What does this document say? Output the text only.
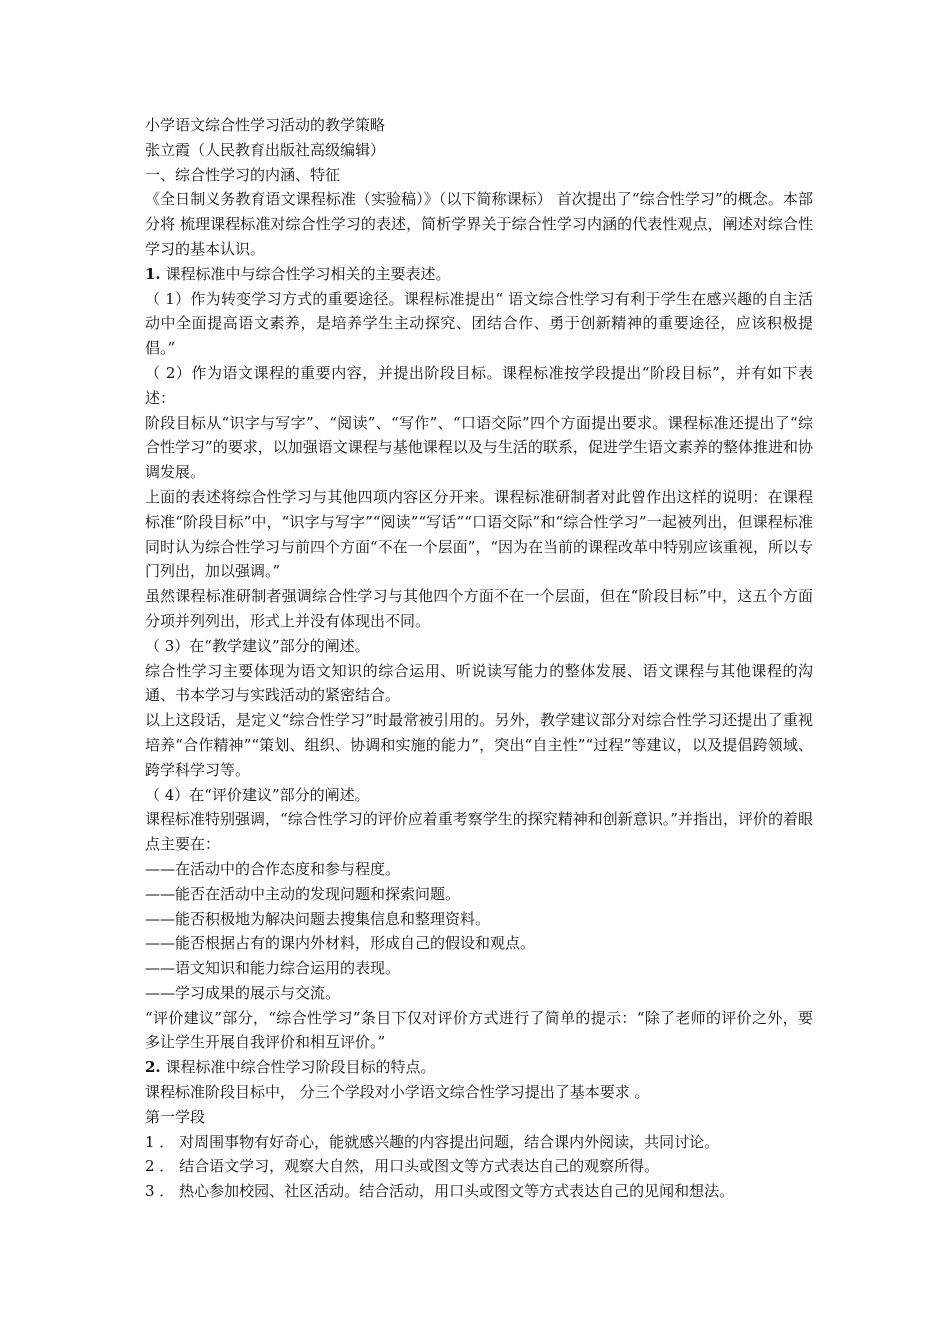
小学语文综合性学习活动的教学策略

张立霞（人民教育出版社高级编辑）

一、综合性学习的内涵、特征

《全日制义务教育语文课程标准（实验稿）》（以下简称课标） 首次提出了“综合性学习”的概念。本部分将 梳理课程标准对综合性学习的表述，简析学界关于综合性学习内涵的代表性观点，阐述对综合性学习的基本认识。

1. 课程标准中与综合性学习相关的主要表述。

（ 1）作为转变学习方式的重要途径。课程标准提出“ 语文综合性学习有利于学生在感兴趣的自主活动中全面提高语文素养，是培养学生主动探究、团结合作、勇于创新精神的重要途径，应该积极提倡。”

（ 2）作为语文课程的重要内容，并提出阶段目标。课程标准按学段提出“阶段目标”，并有如下表述：

阶段目标从“识字与写字”、“阅读”、“写作”、“口语交际”四个方面提出要求。课程标准还提出了“综合性学习”的要求，以加强语文课程与基他课程以及与生活的联系，促进学生语文素养的整体推进和协调发展。

上面的表述将综合性学习与其他四项内容区分开来。课程标准研制者对此曾作出这样的说明：在课程标准“阶段目标”中，“识字与写字”“阅读”“写话”“口语交际”和“综合性学习”一起被列出，但课程标准同时认为综合性学习与前四个方面“不在一个层面”，“因为在当前的课程改革中特别应该重视，所以专门列出，加以强调。”

虽然课程标准研制者强调综合性学习与其他四个方面不在一个层面，但在“阶段目标”中，这五个方面分项并列列出，形式上并没有体现出不同。

（ 3）在“教学建议”部分的阐述。

综合性学习主要体现为语文知识的综合运用、听说读写能力的整体发展、语文课程与其他课程的沟通、书本学习与实践活动的紧密结合。

以上这段话，是定义“综合性学习”时最常被引用的。另外，教学建议部分对综合性学习还提出了重视培养“合作精神”“策划、组织、协调和实施的能力”，突出“自主性”“过程”等建议，以及提倡跨领域、跨学科学习等。

（ 4）在“评价建议”部分的阐述。

课程标准特别强调，“综合性学习的评价应着重考察学生的探究精神和创新意识。”并指出，评价的着眼点主要在：

——在活动中的合作态度和参与程度。

——能否在活动中主动的发现问题和探索问题。

——能否积极地为解决问题去搜集信息和整理资料。

——能否根据占有的课内外材料，形成自己的假设和观点。

——语文知识和能力综合运用的表现。

——学习成果的展示与交流。

“评价建议”部分，“综合性学习”条目下仅对评价方式进行了简单的提示：“除了老师的评价之外，要多让学生开展自我评价和相互评价。”

2. 课程标准中综合性学习阶段目标的特点。

课程标准阶段目标中， 分三个学段对小学语文综合性学习提出了基本要求 。

第一学段

1 ． 对周围事物有好奇心，能就感兴趣的内容提出问题，结合课内外阅读，共同讨论。

2 ． 结合语文学习，观察大自然，用口头或图文等方式表达自己的观察所得。

3 ． 热心参加校园、社区活动。结合活动，用口头或图文等方式表达自己的见闻和想法。
